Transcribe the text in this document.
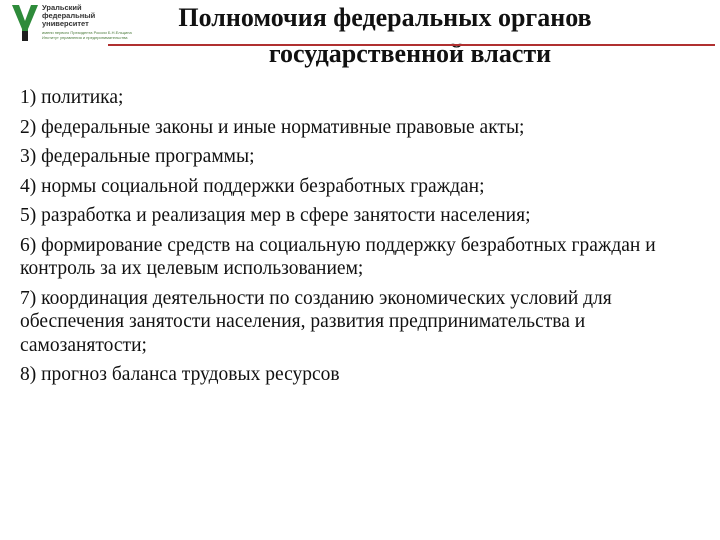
Уральский
федеральный
университет
имени первого Президента России Б.Н.Ельцина
Институт управления и предпринимательства
Полномочия федеральных органов
государственной власти
1) политика;
2) федеральные законы и иные нормативные правовые акты;
3) федеральные программы;
4) нормы социальной поддержки безработных граждан;
5) разработка и реализация мер в сфере занятости населения;
6) формирование средств на социальную поддержку безработных граждан и контроль за их целевым использованием;
7) координация деятельности по созданию экономических условий для обеспечения занятости населения, развития предпринимательства и самозанятости;
8) прогноз баланса трудовых ресурсов
